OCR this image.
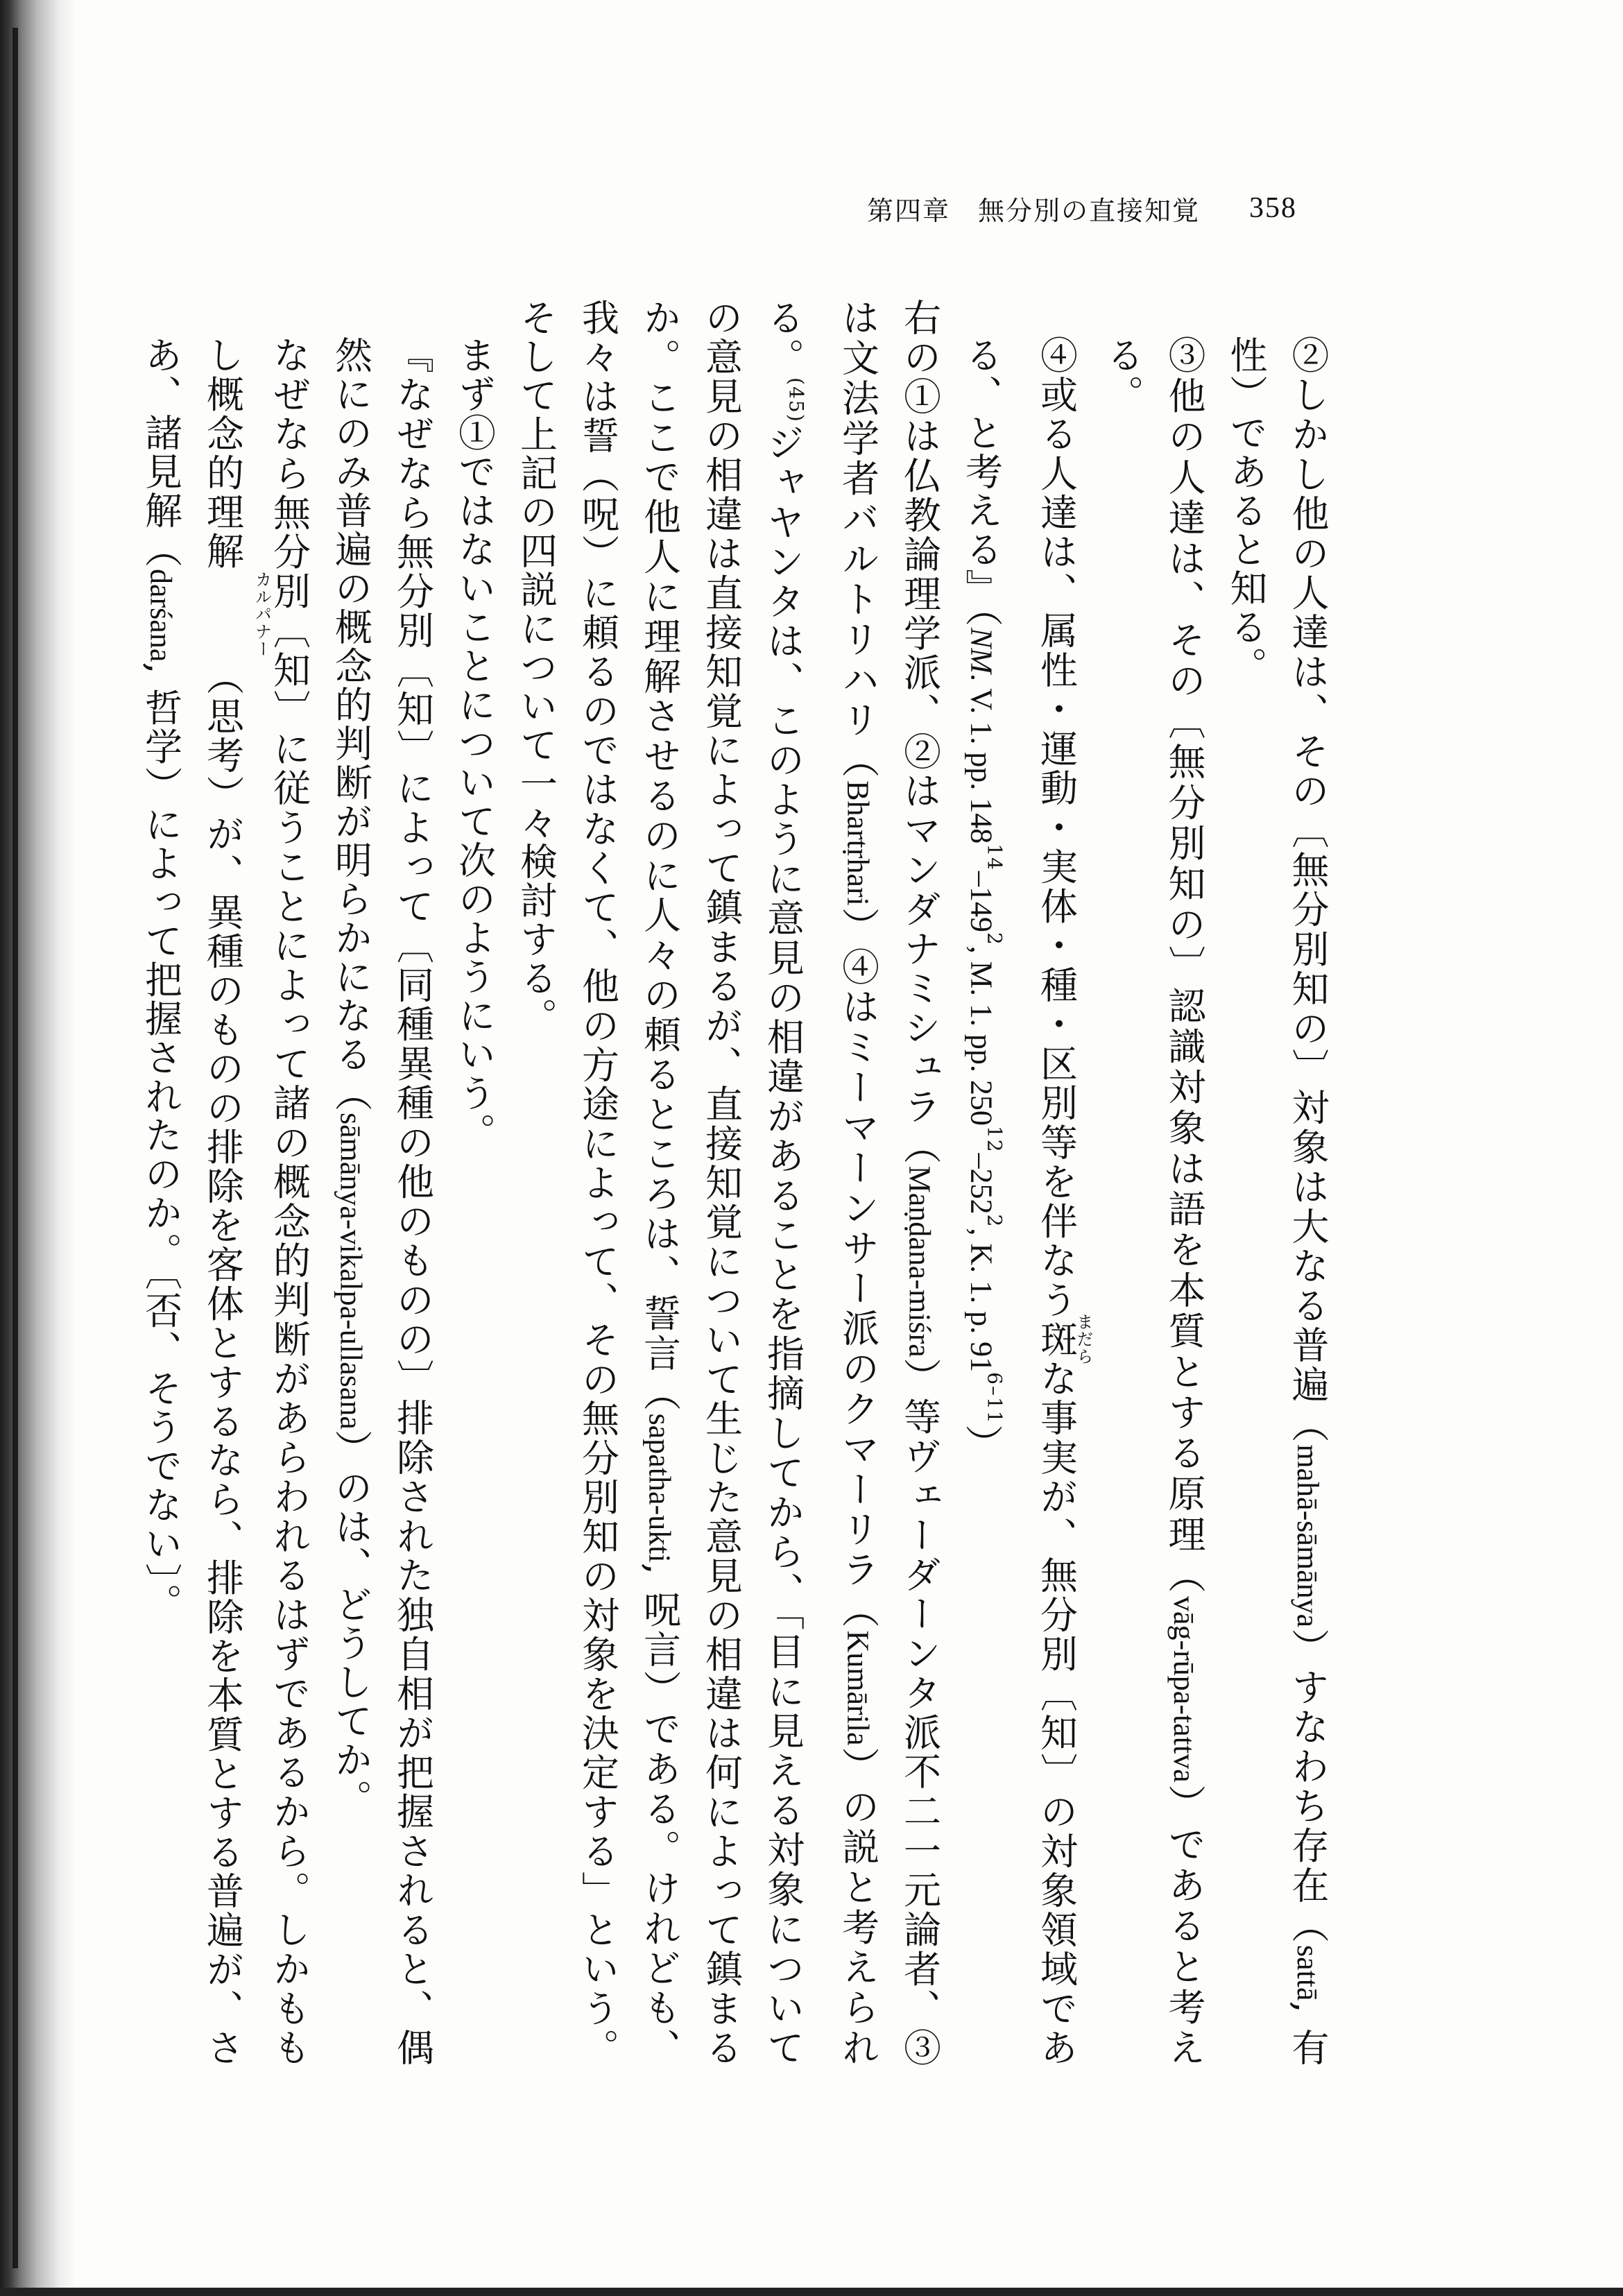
第四章　無分別の直接知覚 358

②しかし他の人達は、その〔無分別知の〕対象は大なる普遍（mahā-sāmānya）すなわち存在（sattā, 有性）であると知る。

③他の人達は、その〔無分別知の〕認識対象は語を本質とする原理（vāg-rūpa-tattva）であると考える。

④或る人達は、属性・運動・実体・種・区別等を伴なう斑まだらな事実が、無分別〔知〕の対象領域である、と考える』（NM. V. 1. pp. 148$^{14}$–149$^2$, M. 1. pp. 250$^{12}$–252$^2$, K. 1. p. 91$^{6-11}$）

右の①は仏教論理学派、②はマンダナミシュラ（Maṇḍana-miśra）等ヴェーダーンタ派不二一元論者、③は文法学者バルトリハリ（Bhartṛhari）④はミーマーンサー派のクマーリラ（Kumārila）の説と考えられる。$^{(45)}$ジャヤンタは、このように意見の相違があることを指摘してから、「目に見える対象についての意見の相違は直接知覚によって鎮まるが、直接知覚について生じた意見の相違は何によって鎮まるか。ここで他人に理解させるのに人々の頼るところは、誓言（sapatha-ukti, 呪言）である。けれども、我々は誓（呪）に頼るのではなくて、他の方途によって、その無分別知の対象を決定する」という。そして上記の四説について一々検討する。

まず①ではないことについて次のようにいう。

『なぜなら無分別〔知〕によって〔同種異種の他のものの〕排除された独自相が把握されると、偶然にのみ普遍の概念的判断が明らかになる（sāmānya-vikalpa-ullasana）のは、どうしてか。

なぜなら無分別〔知〕に従うことによって諸の概念的判断があらわれるはずであるから。しかももし概念的理解カルパナー（思考）が、異種のものの排除を客体とするなら、排除を本質とする普遍が、さあ、諸見解（darśana, 哲学）によって把握されたのか。〔否、そうでない〕。
